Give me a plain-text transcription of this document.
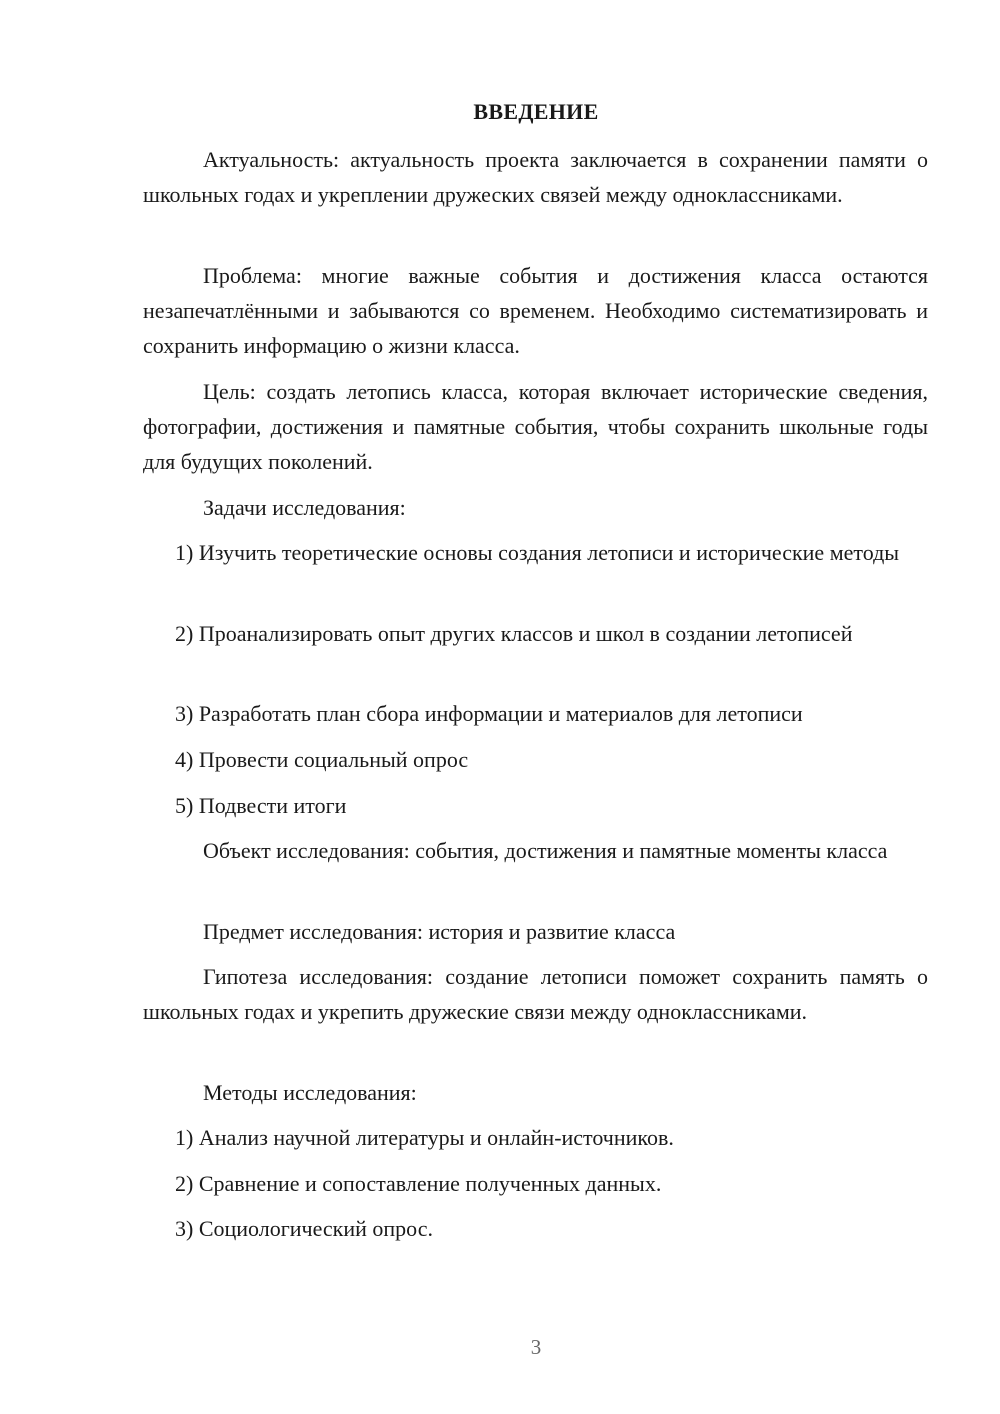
ВВЕДЕНИЕ

Актуальность: актуальность проекта заключается в сохранении памяти о школьных годах и укреплении дружеских связей между одноклассниками.

Проблема: многие важные события и достижения класса остаются незапечатлёнными и забываются со временем. Необходимо систематизировать и сохранить информацию о жизни класса.

Цель: создать летопись класса, которая включает исторические сведения, фотографии, достижения и памятные события, чтобы сохранить школьные годы для будущих поколений.

Задачи исследования:

1) Изучить теоретические основы создания летописи и исторические методы

2) Проанализировать опыт других классов и школ в создании летописей

3) Разработать план сбора информации и материалов для летописи

4) Провести социальный опрос

5) Подвести итоги

Объект исследования: события, достижения и памятные моменты класса

Предмет исследования: история и развитие класса

Гипотеза исследования: создание летописи поможет сохранить память о школьных годах и укрепить дружеские связи между одноклассниками.

Методы исследования:

1) Анализ научной литературы и онлайн-источников.

2) Сравнение и сопоставление полученных данных.

3) Социологический опрос.

3
